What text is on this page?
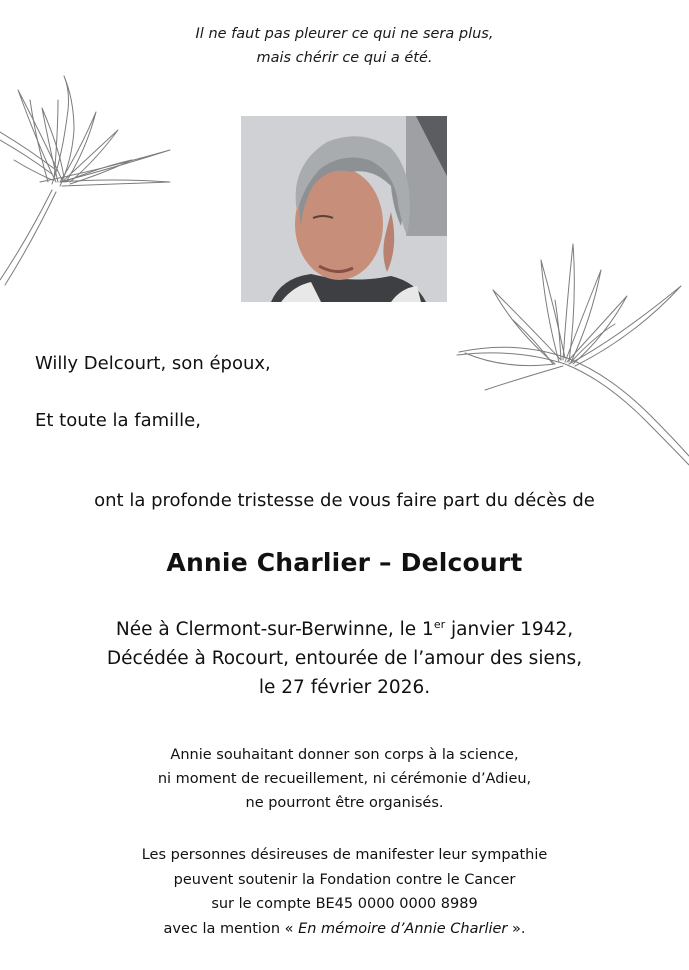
Il ne faut pas pleurer ce qui ne sera plus,
mais chérir ce qui a été.
Willy Delcourt, son époux,
Et toute la famille,
ont la profonde tristesse de vous faire part du décès de
Annie Charlier – Delcourt
Née à Clermont-sur-Berwinne, le 1er janvier 1942,
Décédée à Rocourt, entourée de l’amour des siens,
le 27 février 2026.
Annie souhaitant donner son corps à la science,
ni moment de recueillement, ni cérémonie d’Adieu,
ne pourront être organisés.
Les personnes désireuses de manifester leur sympathie
peuvent soutenir la Fondation contre le Cancer
sur le compte BE45 0000 0000 8989
avec la mention « En mémoire d’Annie Charlier ».
